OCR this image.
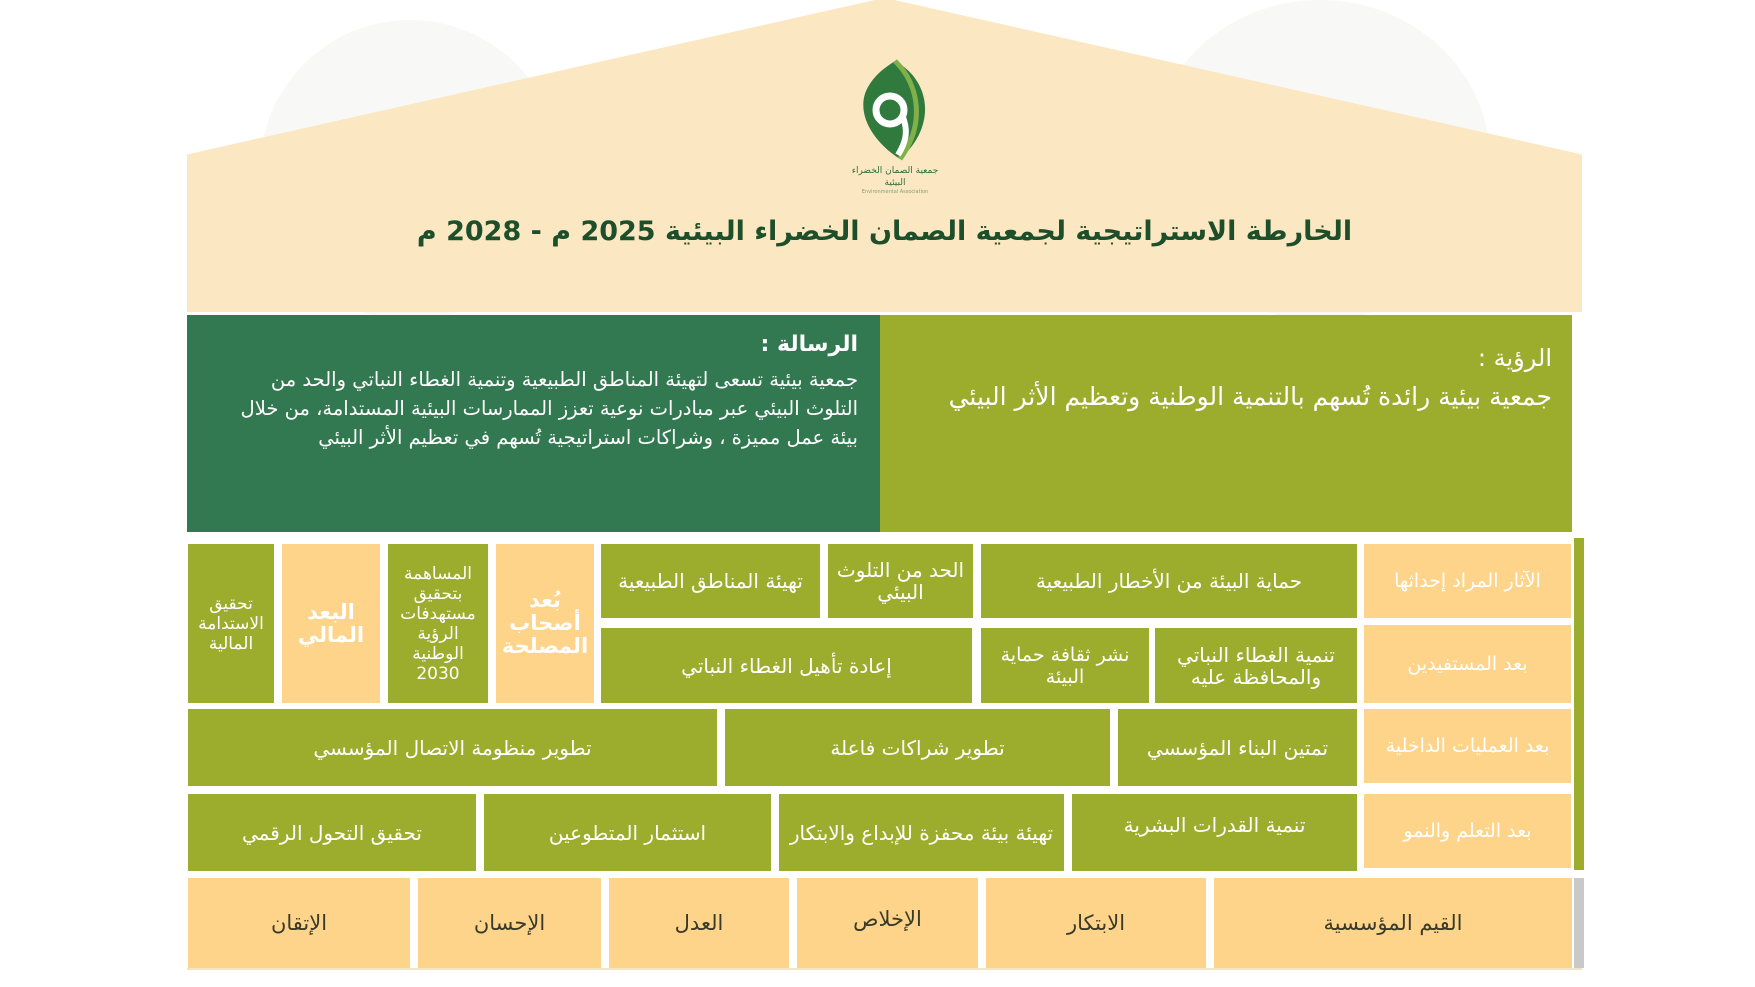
جمعية الصمان الخضراء البيئية
Environmental Association
الخارطة الاستراتيجية لجمعية الصمان الخضراء البيئية 2025 م - 2028 م
الرسالة :

جمعية بيئية تسعى لتهيئة المناطق الطبيعية وتنمية الغطاء النباتي والحد من التلوث البيئي عبر مبادرات نوعية تعزز الممارسات البيئية المستدامة، من خلال بيئة عمل مميزة ، وشراكات استراتيجية تُسهم في تعظيم الأثر البيئي

الرؤية :

جمعية بيئية رائدة تُسهم بالتنمية الوطنية وتعظيم الأثر البيئي

الآثار المراد إحداثها
بعد المستفيدين
بعد العمليات الداخلية
بعد التعلم والنمو
القيم المؤسسية
حماية البيئة من الأخطار الطبيعية
الحد من التلوث البيئي
تهيئة المناطق الطبيعية
تنمية الغطاء النباتي والمحافظة عليه
نشر ثقافة حماية البيئة
إعادة تأهيل الغطاء النباتي
بُعد أصحاب المصلحة
المساهمة بتحقيق مستهدفات الرؤية الوطنية 2030
البعد المالي
تحقيق الاستدامة المالية
تمتين البناء المؤسسي
تطوير شراكات فاعلة
تطوير منظومة الاتصال المؤسسي
تنمية القدرات البشرية
تهيئة بيئة محفزة للإبداع والابتكار
استثمار المتطوعين
تحقيق التحول الرقمي
الابتكار
الإخلاص
العدل
الإحسان
الإتقان
